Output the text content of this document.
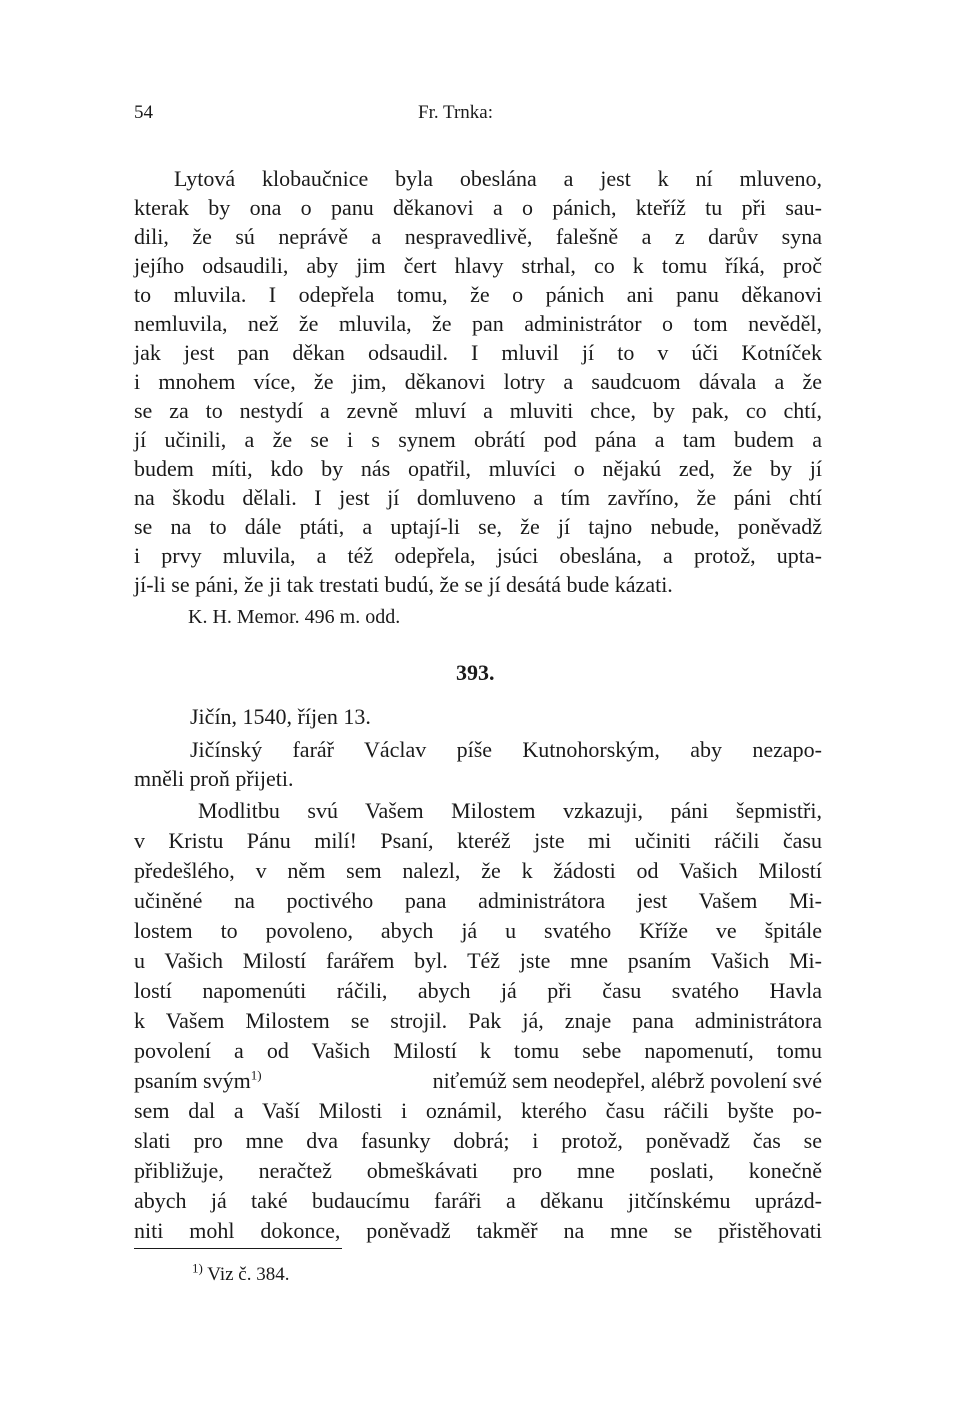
54	Fr. Trnka:
Lytová klobaučnice byla obeslána a jest k ní mluveno,
kterak by ona o panu děkanovi a o pánich, kteříž tu při sau-
dili, že sú neprávě a nespravedlivě, falešně a z darův syna
jejího odsaudili, aby jim čert hlavy strhal, co k tomu říká, proč
to mluvila. I odepřela tomu, že o pánich ani panu děkanovi
nemluvila, než že mluvila, že pan administrátor o tom nevěděl,
jak jest pan děkan odsaudil. I mluvil jí to v úči Kotníček
i mnohem více, že jim, děkanovi lotry a saudcuom dávala a že
se za to nestydí a zevně mluví a mluviti chce, by pak, co chtí,
jí učinili, a že se i s synem obrátí pod pána a tam budem a
budem míti, kdo by nás opatřil, mluvíci o nějakú zed, že by jí
na škodu dělali. I jest jí domluveno a tím zavříno, že páni chtí
se na to dále ptáti, a uptají-li se, že jí tajno nebude, poněvadž
i prvy mluvila, a též odepřela, jsúci obeslána, a protož, upta-
jí-li se páni, že ji tak trestati budú, že se jí desátá bude kázati.
K. H. Memor. 496 m. odd.
393.
Jičín, 1540, říjen 13.
Jičínský farář Václav píše Kutnohorským, aby nezapo-
mněli proň přijeti.
Modlitbu svú Vašem Milostem vzkazuji, páni šepmistři,
v Kristu Pánu milí! Psaní, kteréž jste mi učiniti ráčili času
předešlého, v něm sem nalezl, že k žádosti od Vašich Milostí
učiněné na poctivého pana administrátora jest Vašem Mi-
lostem to povoleno, abych já u svatého Kříže ve špitále
u Vašich Milostí farářem byl. Též jste mne psaním Vašich Mi-
lostí napomenúti ráčili, abych já při času svatého Havla
k Vašem Milostem se strojil. Pak já, znaje pana administrátora
povolení a od Vašich Milostí k tomu sebe napomenutí, tomu
psaním svým$^{1)}$	niťemúž sem neodepřel, alébrž povolení své
sem dal a Vaší Milosti i oznámil, kterého času ráčili byšte po-
slati pro mne dva fasunky dobrá; i protož, poněvadž čas se
přibližuje, neračtež obmeškávati pro mne poslati, konečně
abych já také budaucímu faráři a děkanu jitčínskému uprázd-
niti mohl dokonce, poněvadž takměř na mne se přistěhovati
$^{1)}$ Viz č. 384.
